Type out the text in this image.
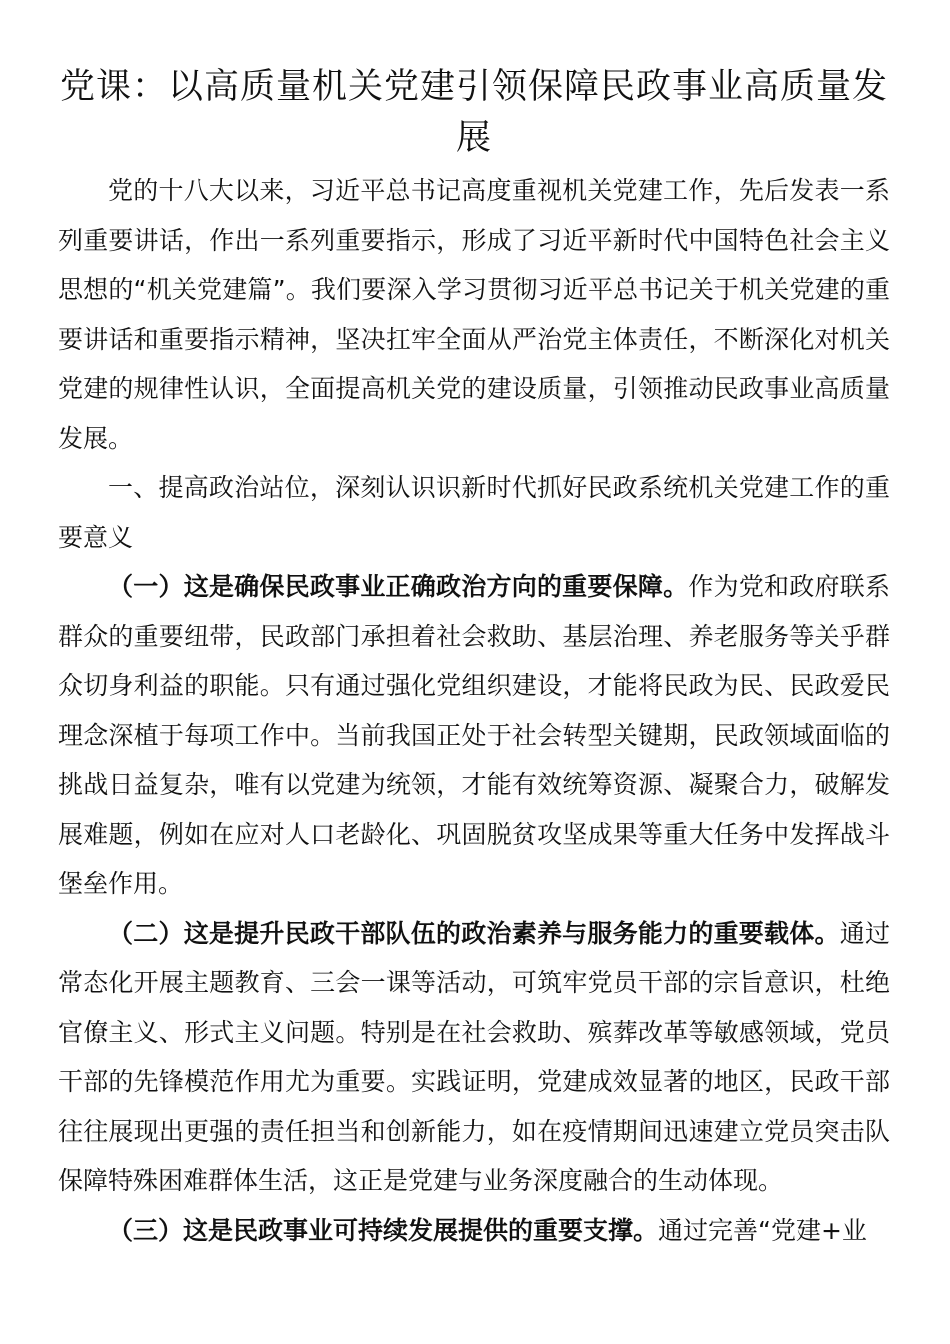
党课：以高质量机关党建引领保障民政事业高质量发展

党的十八大以来，习近平总书记高度重视机关党建工作，先后发表一系列重要讲话，作出一系列重要指示，形成了习近平新时代中国特色社会主义思想的“机关党建篇”。我们要深入学习贯彻习近平总书记关于机关党建的重要讲话和重要指示精神，坚决扛牢全面从严治党主体责任，不断深化对机关党建的规律性认识，全面提高机关党的建设质量，引领推动民政事业高质量发展。

一、提高政治站位，深刻认识识新时代抓好民政系统机关党建工作的重要意义

（一）这是确保民政事业正确政治方向的重要保障。作为党和政府联系群众的重要纽带，民政部门承担着社会救助、基层治理、养老服务等关乎群众切身利益的职能。只有通过强化党组织建设，才能将民政为民、民政爱民理念深植于每项工作中。当前我国正处于社会转型关键期，民政领域面临的挑战日益复杂，唯有以党建为统领，才能有效统筹资源、凝聚合力，破解发展难题，例如在应对人口老龄化、巩固脱贫攻坚成果等重大任务中发挥战斗堡垒作用。

（二）这是提升民政干部队伍的政治素养与服务能力的重要载体。通过常态化开展主题教育、三会一课等活动，可筑牢党员干部的宗旨意识，杜绝官僚主义、形式主义问题。特别是在社会救助、殡葬改革等敏感领域，党员干部的先锋模范作用尤为重要。实践证明，党建成效显著的地区，民政干部往往展现出更强的责任担当和创新能力，如在疫情期间迅速建立党员突击队保障特殊困难群体生活，这正是党建与业务深度融合的生动体现。

（三）这是民政事业可持续发展提供的重要支撑。通过完善“党建+业
